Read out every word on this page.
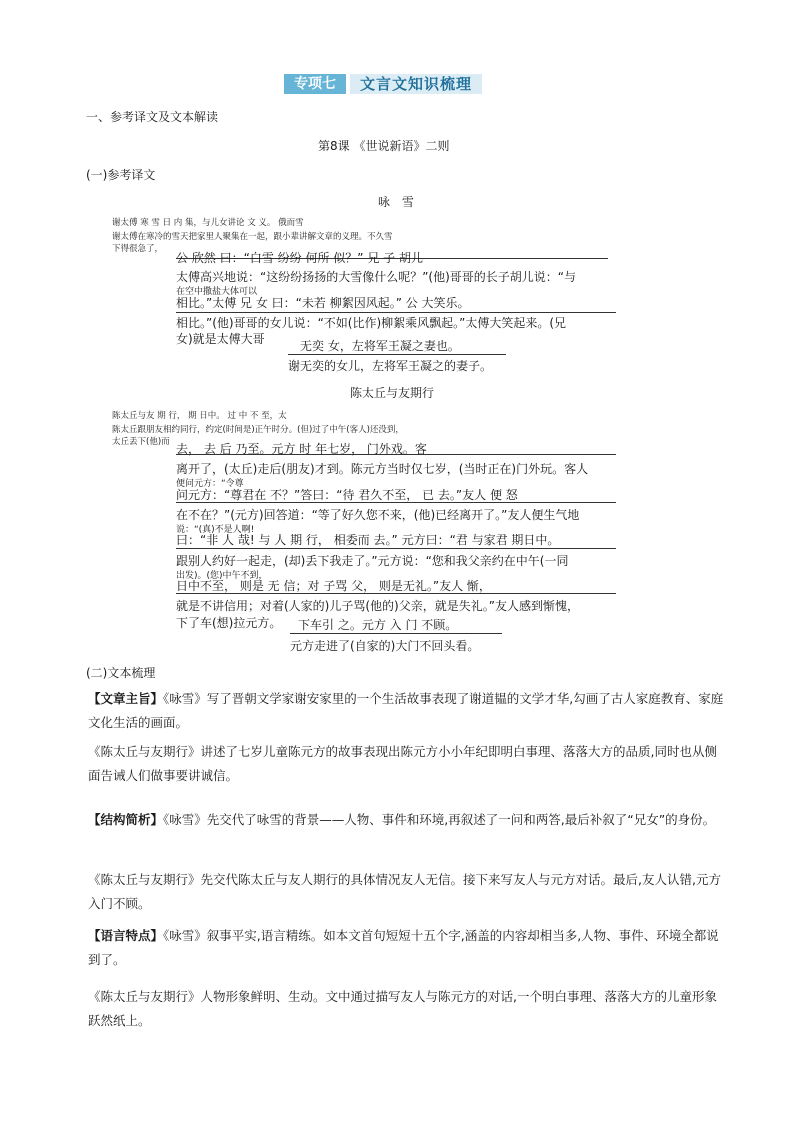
专项七	文言文知识梳理
一、参考译文及文本解读
第8课 《世说新语》二则
(一)参考译文
咏 雪
谢太傅 寒 雪 日 内 集，与儿女讲论 文 义。 俄而雪
谢太傅在寒冷的雪天把家里人聚集在一起，跟小辈讲解文章的义理。不久雪
下得很急了，
公 欣然 曰：“白雪 纷纷 何所 似？” 兄 子 胡儿
太傅高兴地说：“这纷纷扬扬的大雪像什么呢？”(他)哥哥的长子胡儿说：“与
在空中撒盐大体可以
相比。”太傅 兄 女 曰：“未若 柳絮因风起。” 公 大笑乐。
相比。”(他)哥哥的女儿说：“不如(比作)柳絮乘风飘起。”太傅大笑起来。(兄
女)就是太傅大哥	无奕 女，左将军王凝之妻也。
谢无奕的女儿，左将军王凝之的妻子。
陈太丘与友期行
陈太丘与友 期 行， 期 日中。 过 中 不 至，太
陈太丘跟朋友相约同行，约定(时间是)正午时分。(但)过了中午(客人)还没到，
太丘丢下(他)而 去， 去 后 乃至。元方 时 年七岁， 门外戏。客
离开了，(太丘)走后(朋友)才到。陈元方当时仅七岁，(当时正在)门外玩。客人
便问元方：“令尊
问元方：“尊君在 不？”答曰：“待 君久不至， 已 去。”友人 便 怒
在不在？”(元方)回答道：“等了好久您不来，(他)已经离开了。”友人便生气地
说：“(真)不是人啊!
曰：“非 人 哉! 与 人 期 行， 相委而 去。” 元方曰：“君 与家君 期日中。
跟别人约好一起走，(却)丢下我走了。”元方说：“您和我父亲约在中午(一同
出发)。(您)中午不到，
日中不至， 则是 无 信；对 子骂 父， 则是无礼。”友人 惭，
就是不讲信用；对着(人家的)儿子骂(他的)父亲，就是失礼。”友人感到惭愧，
下了车(想)拉元方。 下车引 之。元方 入 门 不顾。
元方走进了(自家的)大门不回头看。
(二)文本梳理
【文章主旨】《咏雪》写了晋朝文学家谢安家里的一个生活故事表现了谢道韫的文学才华,勾画了古人家庭教育、家庭文化生活的画面。
《陈太丘与友期行》讲述了七岁儿童陈元方的故事表现出陈元方小小年纪即明白事理、落落大方的品质,同时也从侧面告诫人们做事要讲诚信。
【结构简析】《咏雪》先交代了咏雪的背景——人物、事件和环境,再叙述了一问和两答,最后补叙了“兄女”的身份。
《陈太丘与友期行》先交代陈太丘与友人期行的具体情况友人无信。接下来写友人与元方对话。最后,友人认错,元方入门不顾。
【语言特点】《咏雪》叙事平实,语言精练。如本文首句短短十五个字,涵盖的内容却相当多,人物、事件、环境全都说到了。
《陈太丘与友期行》人物形象鲜明、生动。文中通过描写友人与陈元方的对话,一个明白事理、落落大方的儿童形象跃然纸上。
